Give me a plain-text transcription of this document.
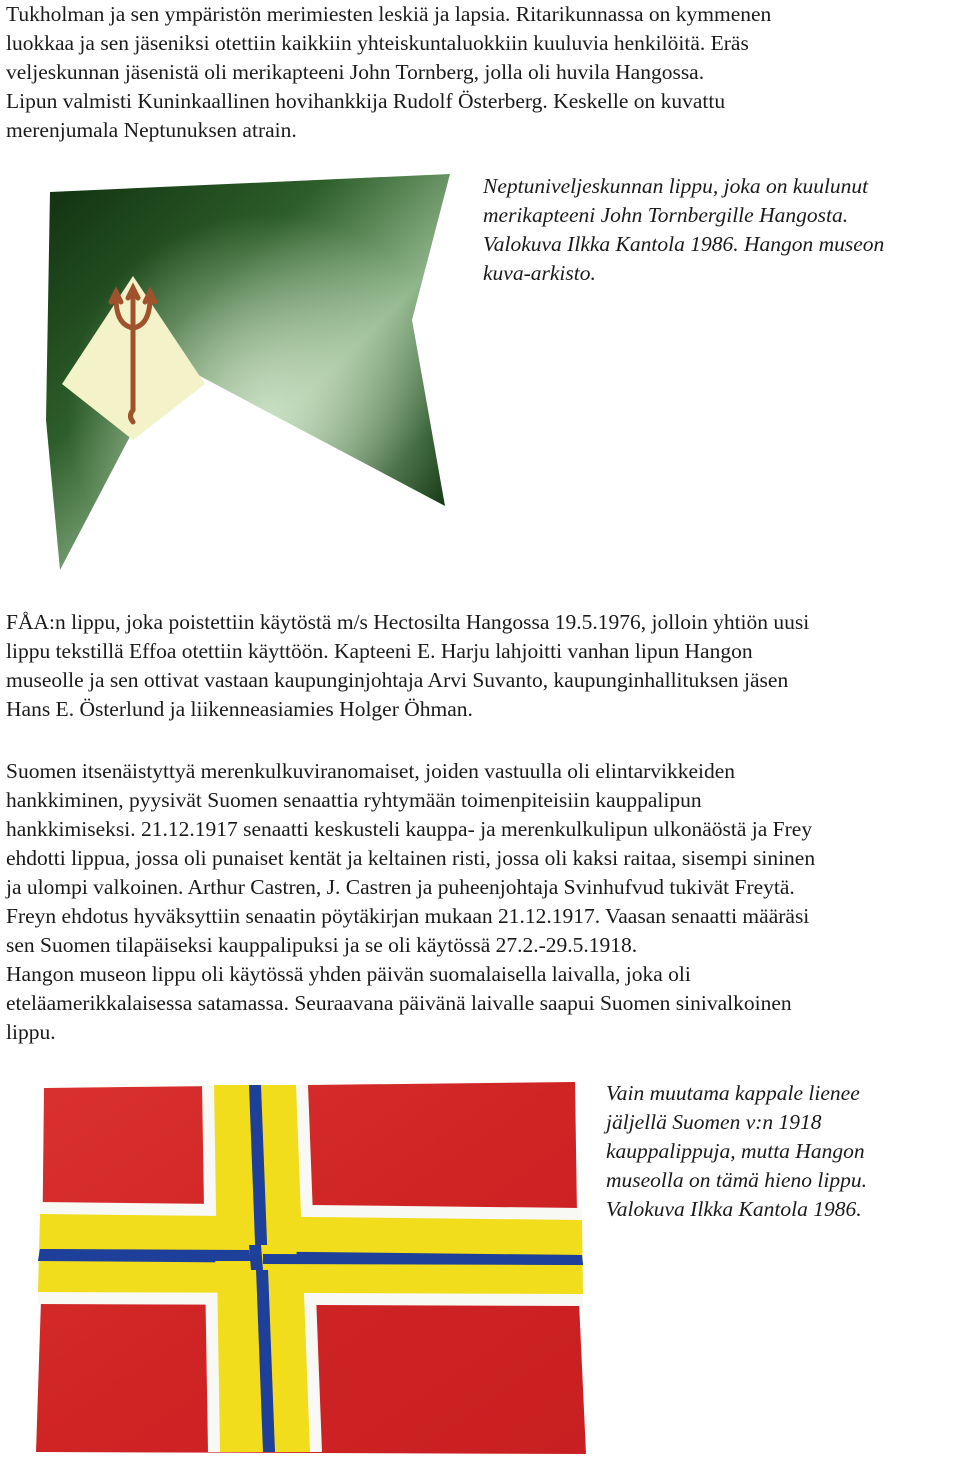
Tukholman ja sen ympäristön merimiesten leskiä ja lapsia. Ritarikunnassa on kymmenen
luokkaa ja sen jäseniksi otettiin kaikkiin yhteiskuntaluokkiin kuuluvia henkilöitä. Eräs
veljeskunnan jäsenistä oli merikapteeni John Tornberg, jolla oli huvila Hangossa.
Lipun valmisti Kuninkaallinen hovihankkija Rudolf Österberg. Keskelle on kuvattu
merenjumala Neptunuksen atrain.

Neptuniveljeskunnan lippu, joka on kuulunut
merikapteeni John Tornbergille Hangosta.
Valokuva Ilkka Kantola 1986. Hangon museon
kuva-arkisto.

FÅA:n lippu, joka poistettiin käytöstä m/s Hectosilta Hangossa 19.5.1976, jolloin yhtiön uusi
lippu tekstillä Effoa otettiin käyttöön. Kapteeni E. Harju lahjoitti vanhan lipun Hangon
museolle ja sen ottivat vastaan kaupunginjohtaja Arvi Suvanto, kaupunginhallituksen jäsen
Hans E. Österlund ja liikenneasiamies Holger Öhman.

Suomen itsenäistyttyä merenkulkuviranomaiset, joiden vastuulla oli elintarvikkeiden
hankkiminen, pyysivät Suomen senaattia ryhtymään toimenpiteisiin kauppalipun
hankkimiseksi. 21.12.1917 senaatti keskusteli kauppa- ja merenkulkulipun ulkonäöstä ja Frey
ehdotti lippua, jossa oli punaiset kentät ja keltainen risti, jossa oli kaksi raitaa, sisempi sininen
ja ulompi valkoinen. Arthur Castren, J. Castren ja puheenjohtaja Svinhufvud tukivät Freytä.
Freyn ehdotus hyväksyttiin senaatin pöytäkirjan mukaan 21.12.1917. Vaasan senaatti määräsi
sen Suomen tilapäiseksi kauppalipuksi ja se oli käytössä 27.2.-29.5.1918.
Hangon museon lippu oli käytössä yhden päivän suomalaisella laivalla, joka oli
eteläamerikkalaisessa satamassa. Seuraavana päivänä laivalle saapui Suomen sinivalkoinen
lippu.

Vain muutama kappale lienee
jäljellä Suomen v:n 1918
kauppalippuja, mutta Hangon
museolla on tämä hieno lippu.
Valokuva Ilkka Kantola 1986.
